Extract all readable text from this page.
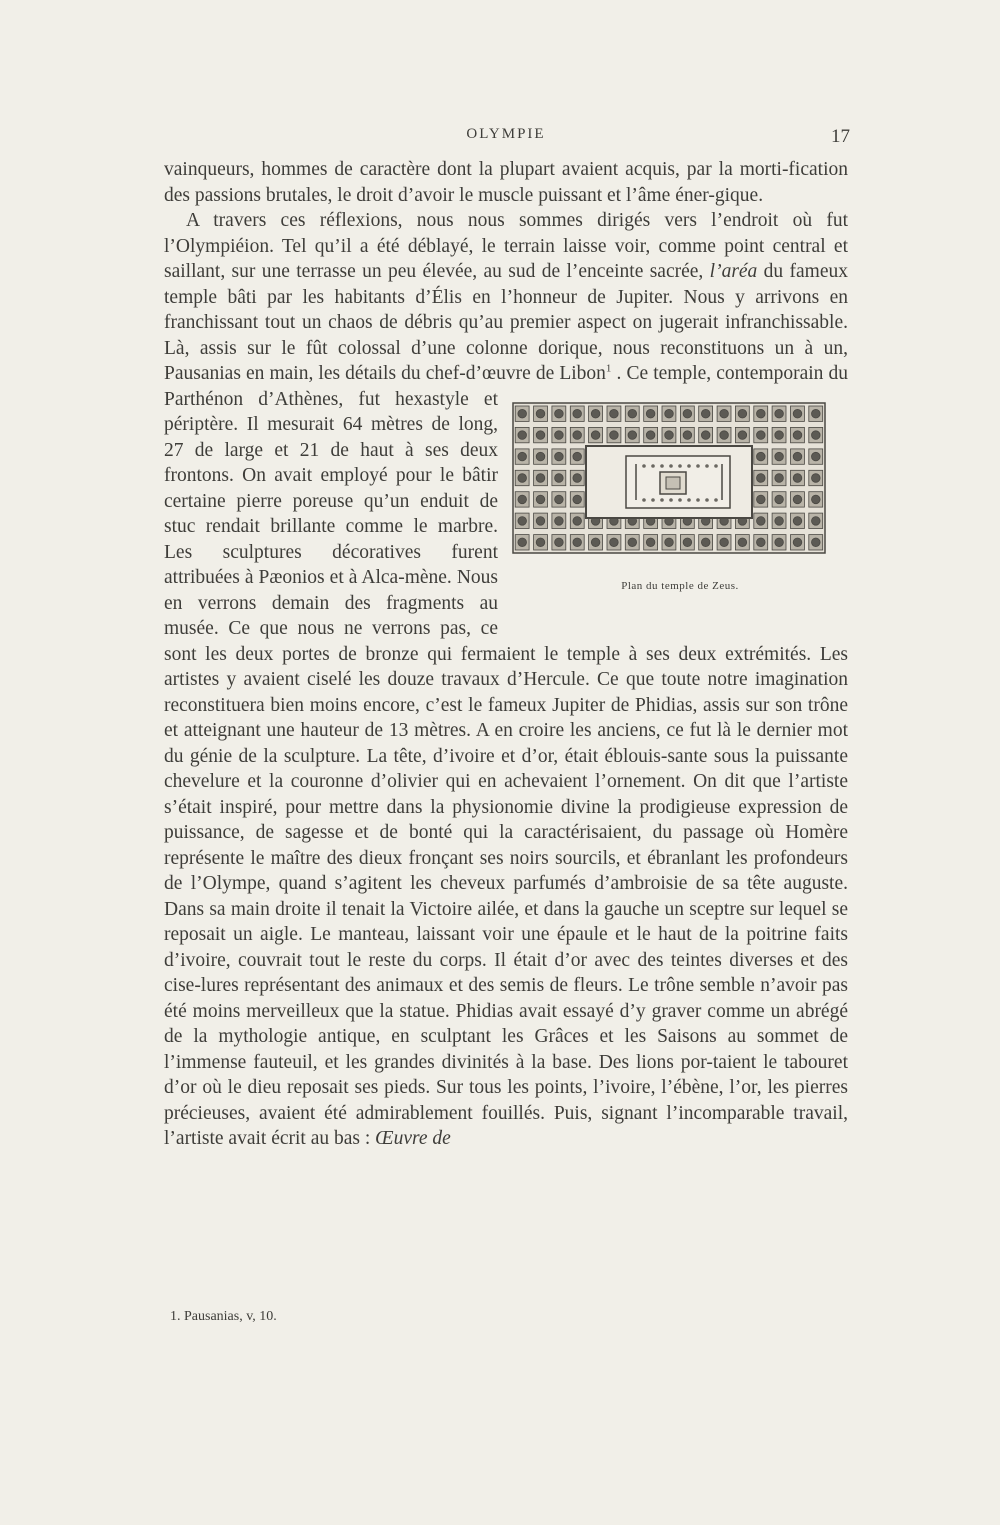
OLYMPIE	17

vainqueurs, hommes de caractère dont la plupart avaient acquis, par la morti-fication des passions brutales, le droit d’avoir le muscle puissant et l’âme éner-gique.

A travers ces réflexions, nous nous sommes dirigés vers l’endroit où fut l’Olympiéion. Tel qu’il a été déblayé, le terrain laisse voir, comme point central et saillant, sur une terrasse un peu élevée, au sud de l’enceinte sacrée, l’aréa du fameux temple bâti par les habitants d’Élis en l’honneur de Jupiter. Nous y arrivons en franchissant tout un chaos de débris qu’au premier aspect on jugerait infranchissable. Là, assis sur le fût colossal d’une colonne dorique, nous reconstituons un à un, Pausanias en main, les détails du chef-d’œuvre de Libon$^1$
Plan du temple de Zeus.
. Ce temple, contemporain du Parthénon d’Athènes, fut hexastyle et périptère. Il mesurait 64 mètres de long, 27 de large et 21 de haut à ses deux frontons. On avait employé pour le bâtir certaine pierre poreuse qu’un enduit de stuc rendait brillante comme le marbre. Les sculptures décoratives furent attribuées à Pæonios et à Alca-mène. Nous en verrons demain des fragments au musée. Ce que nous ne verrons pas, ce sont les deux portes de bronze qui fermaient le temple à ses deux extrémités. Les artistes y avaient ciselé les douze travaux d’Hercule. Ce que toute notre imagination reconstituera bien moins encore, c’est le fameux Jupiter de Phidias, assis sur son trône et atteignant une hauteur de 13 mètres. A en croire les anciens, ce fut là le dernier mot du génie de la sculpture. La tête, d’ivoire et d’or, était éblouis-sante sous la puissante chevelure et la couronne d’olivier qui en achevaient l’ornement. On dit que l’artiste s’était inspiré, pour mettre dans la physionomie divine la prodigieuse expression de puissance, de sagesse et de bonté qui la caractérisaient, du passage où Homère représente le maître des dieux fronçant ses noirs sourcils, et ébranlant les profondeurs de l’Olympe, quand s’agitent les cheveux parfumés d’ambroisie de sa tête auguste. Dans sa main droite il tenait la Victoire ailée, et dans la gauche un sceptre sur lequel se reposait un aigle. Le manteau, laissant voir une épaule et le haut de la poitrine faits d’ivoire, couvrait tout le reste du corps. Il était d’or avec des teintes diverses et des cise-lures représentant des animaux et des semis de fleurs. Le trône semble n’avoir pas été moins merveilleux que la statue. Phidias avait essayé d’y graver comme un abrégé de la mythologie antique, en sculptant les Grâces et les Saisons au sommet de l’immense fauteuil, et les grandes divinités à la base. Des lions por-taient le tabouret d’or où le dieu reposait ses pieds. Sur tous les points, l’ivoire, l’ébène, l’or, les pierres précieuses, avaient été admirablement fouillés. Puis, signant l’incomparable travail, l’artiste avait écrit au bas : Œuvre de

1. Pausanias, v, 10.
